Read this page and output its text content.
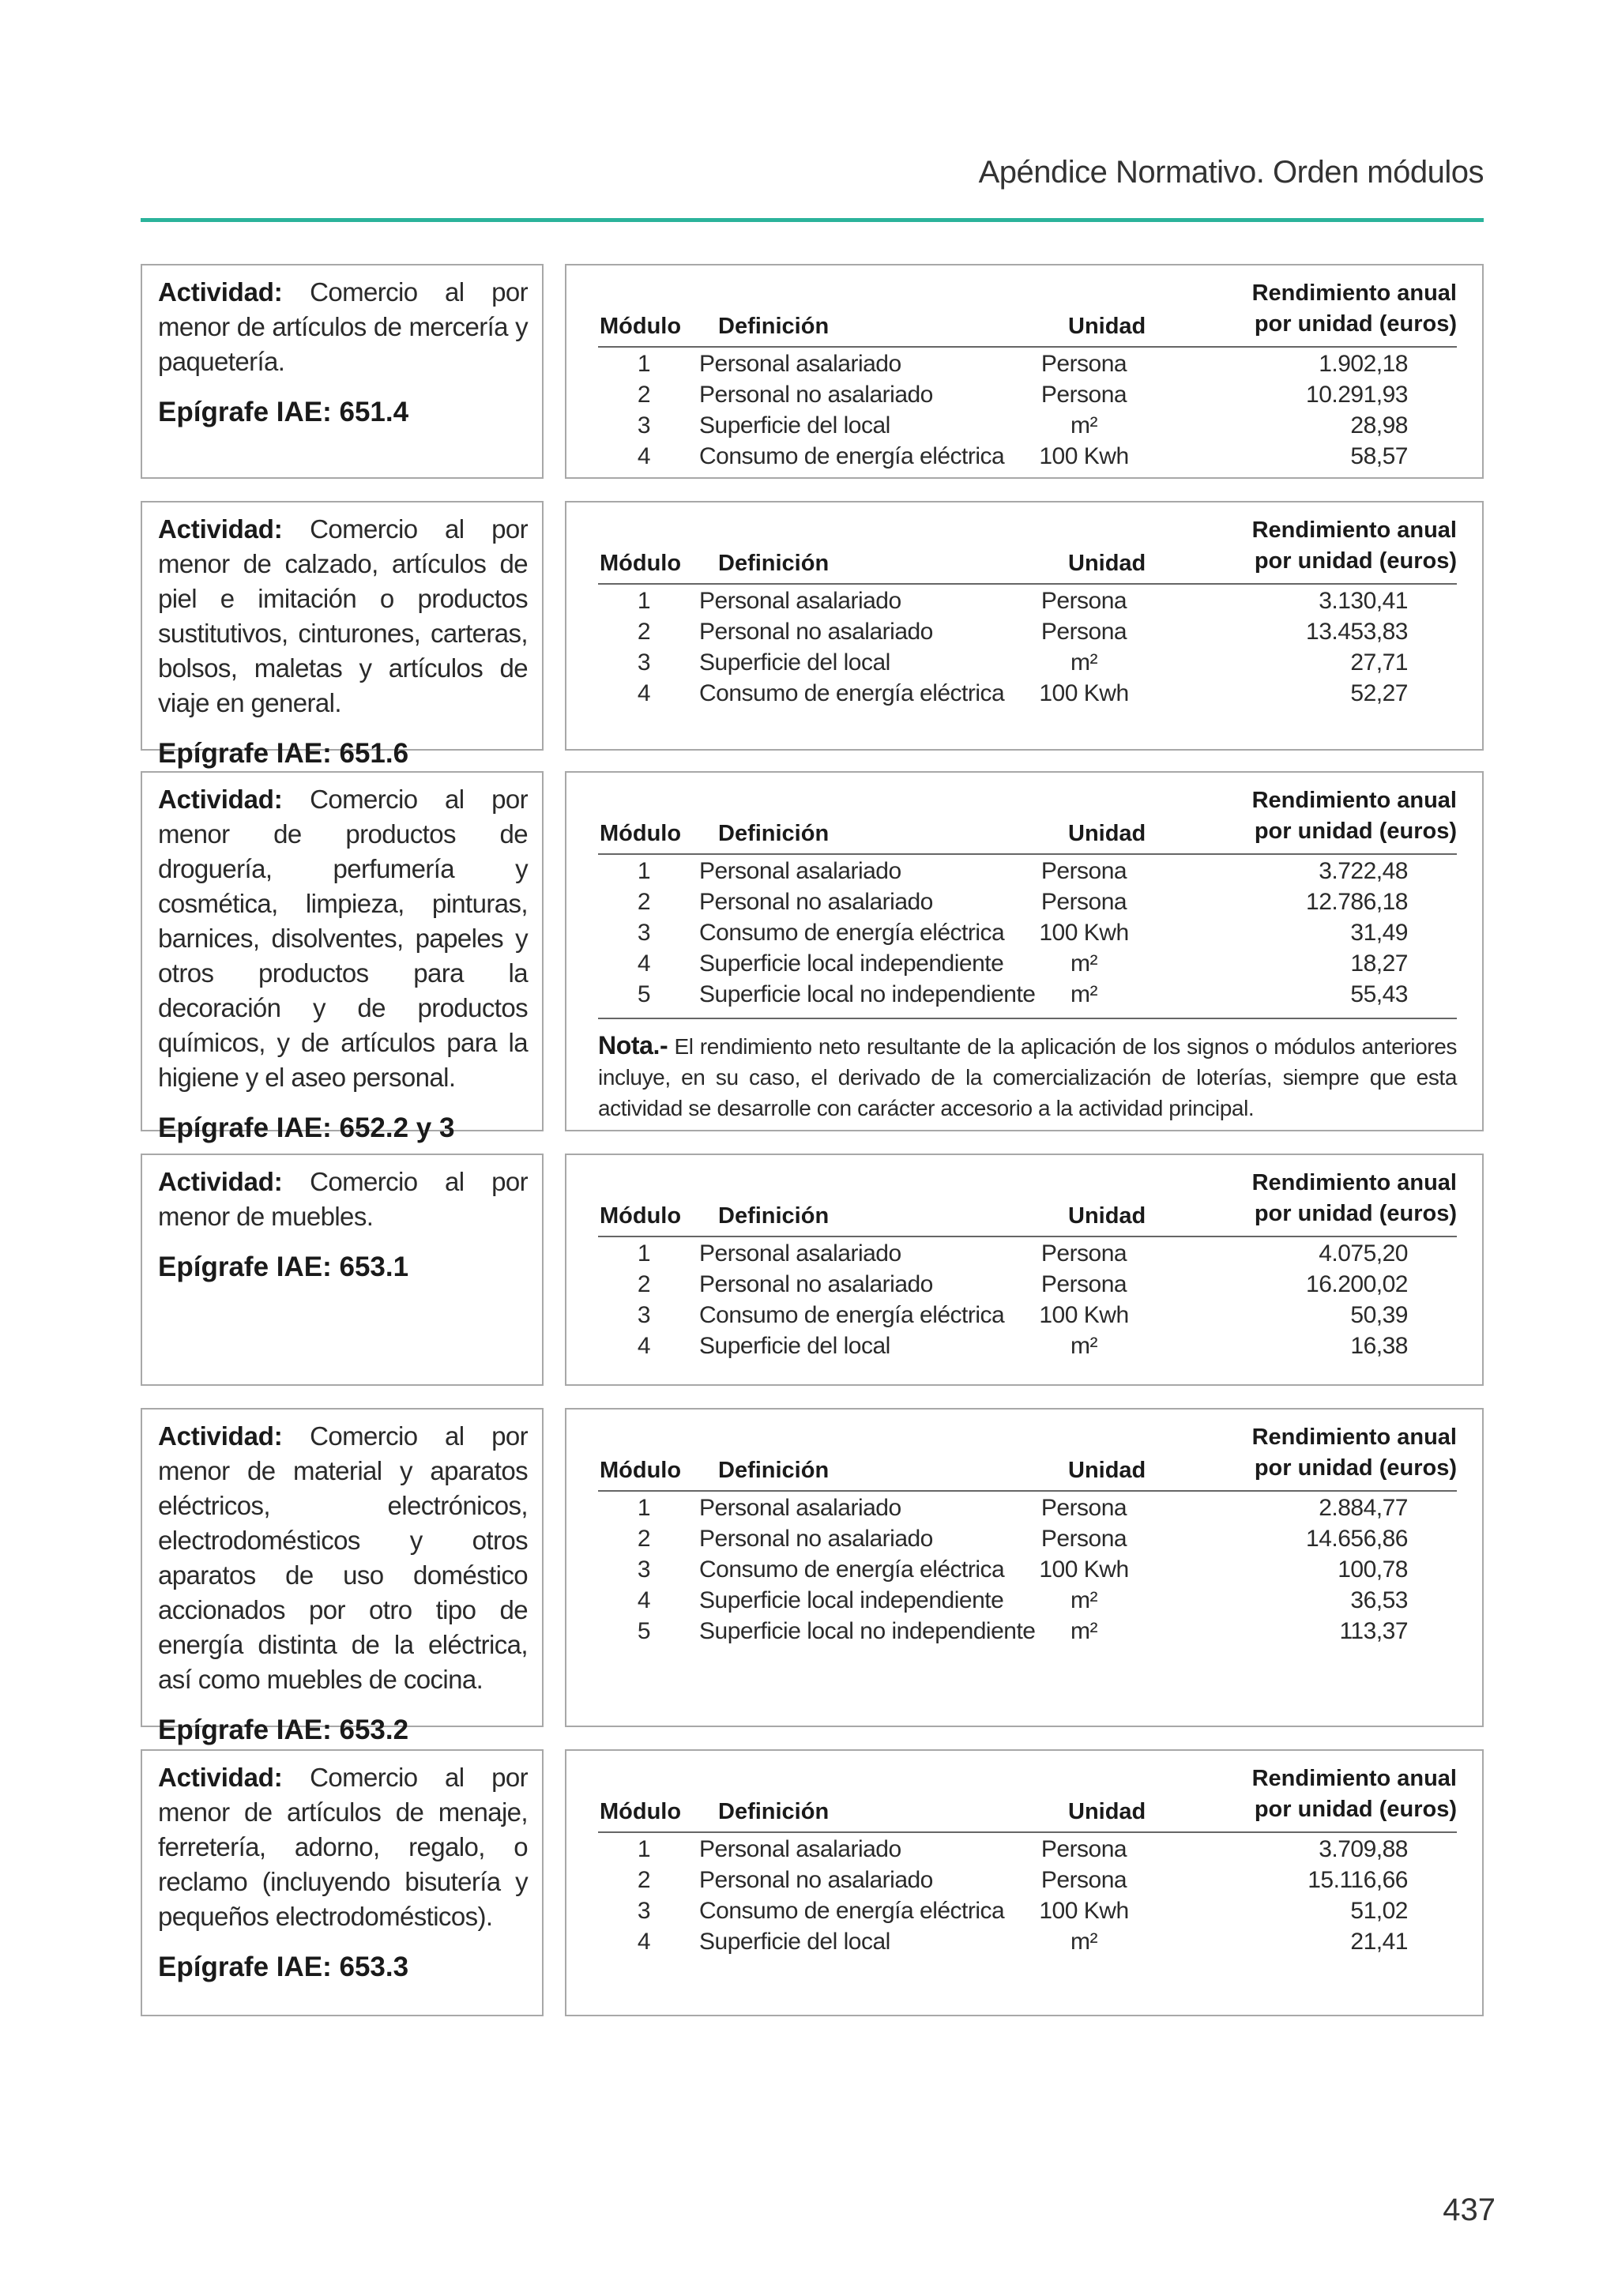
Apéndice Normativo. Orden módulos
Actividad: Comercio al por menor de artículos de mercería y paquetería.
Epígrafe IAE: 651.4
Módulo Definición	Unidad
Rendimiento anual
por unidad (euros)
1	Personal asalariado	Persona	1.902,18
2	Personal no asalariado	Persona	10.291,93
3	Superficie del local	m²	28,98
4	Consumo de energía eléctrica	100 Kwh	58,57
Actividad: Comercio al por menor de calzado, artículos de piel e imitación o productos sustitutivos, cinturones, carteras, bolsos, maletas y artículos de viaje en general.
Epígrafe IAE: 651.6
Módulo Definición	Unidad
Rendimiento anual
por unidad (euros)
1	Personal asalariado	Persona	3.130,41
2	Personal no asalariado	Persona	13.453,83
3	Superficie del local	m²	27,71
4	Consumo de energía eléctrica	100 Kwh	52,27
Actividad: Comercio al por menor de productos de droguería, perfumería y cosmética, limpieza, pinturas, barnices, disolventes, papeles y otros productos para la decoración y de productos químicos, y de artículos para la higiene y el aseo personal.
Epígrafe IAE: 652.2 y 3
Módulo Definición	Unidad
Rendimiento anual
por unidad (euros)
1	Personal asalariado	Persona	3.722,48
2	Personal no asalariado	Persona	12.786,18
3	Consumo de energía eléctrica	100 Kwh	31,49
4	Superficie local independiente	m²	18,27
5	Superficie local no independiente	m²	55,43
Nota.- El rendimiento neto resultante de la aplicación de los signos o módulos anteriores incluye, en su caso, el derivado de la comercialización de loterías, siempre que esta actividad se desarrolle con carácter accesorio a la actividad principal.
Actividad: Comercio al por menor de muebles.
Epígrafe IAE: 653.1
Módulo Definición	Unidad
Rendimiento anual
por unidad (euros)
1	Personal asalariado	Persona	4.075,20
2	Personal no asalariado	Persona	16.200,02
3	Consumo de energía eléctrica	100 Kwh	50,39
4	Superficie del local	m²	16,38
Actividad: Comercio al por menor de material y aparatos eléctricos, electrónicos, electrodomésticos y otros aparatos de uso doméstico accionados por otro tipo de energía distinta de la eléctrica, así como muebles de cocina.
Epígrafe IAE: 653.2
Módulo Definición	Unidad
Rendimiento anual
por unidad (euros)
1	Personal asalariado	Persona	2.884,77
2	Personal no asalariado	Persona	14.656,86
3	Consumo de energía eléctrica	100 Kwh	100,78
4	Superficie local independiente	m²	36,53
5	Superficie local no independiente	m²	113,37
Actividad: Comercio al por menor de artículos de menaje, ferretería, adorno, regalo, o reclamo (incluyendo bisutería y pequeños electrodomésticos).
Epígrafe IAE: 653.3
Módulo Definición	Unidad
Rendimiento anual
por unidad (euros)
1	Personal asalariado	Persona	3.709,88
2	Personal no asalariado	Persona	15.116,66
3	Consumo de energía eléctrica	100 Kwh	51,02
4	Superficie del local	m²	21,41
437
